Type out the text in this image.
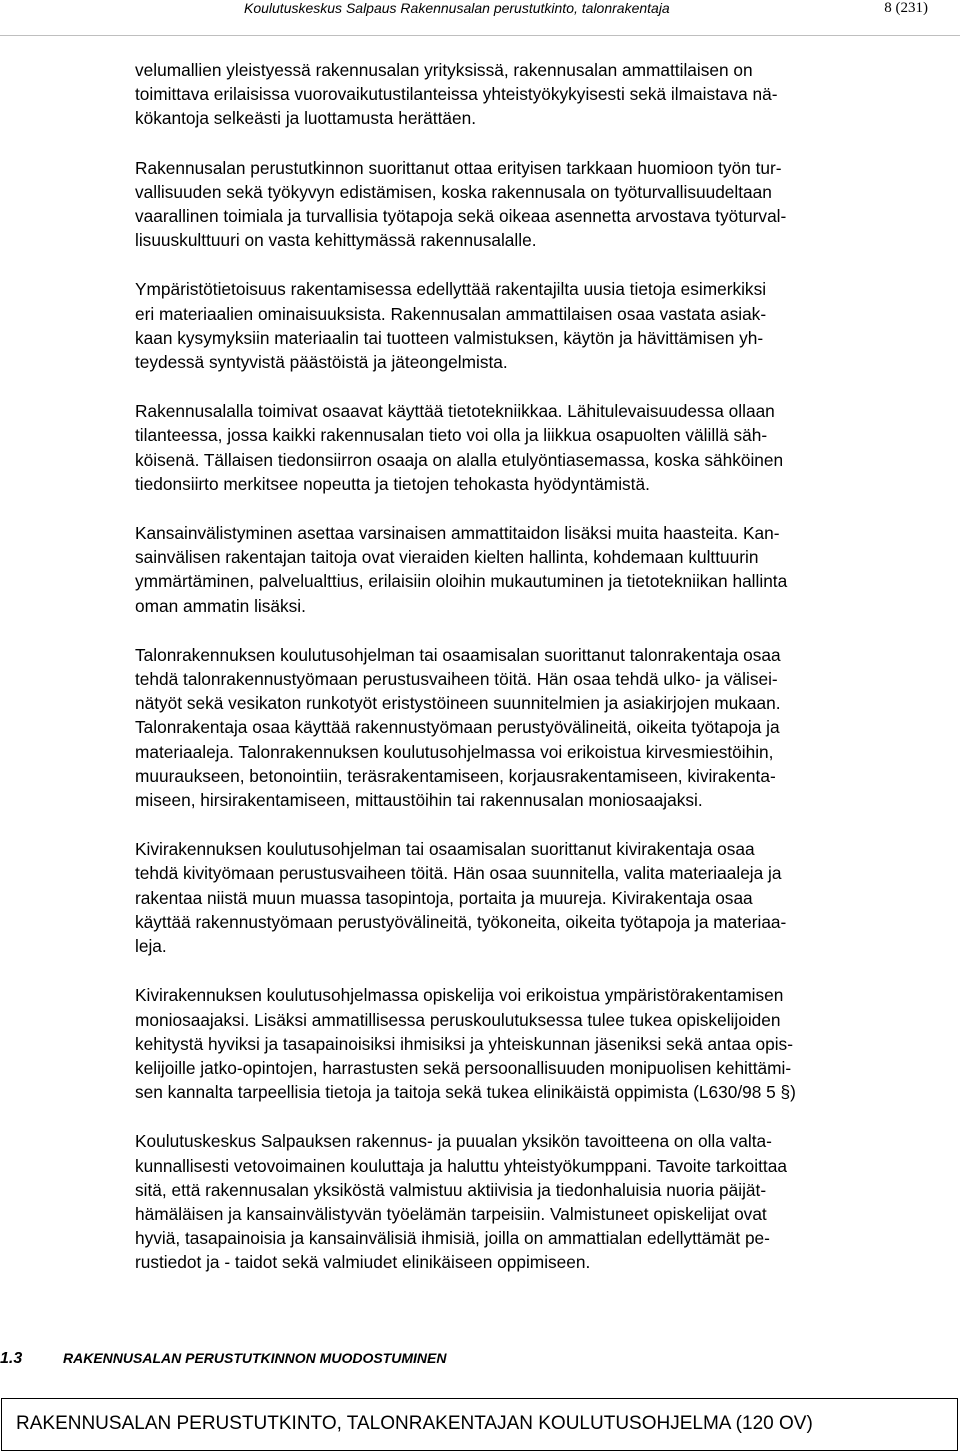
Koulutuskeskus Salpaus Rakennusalan perustutkinto, talonrakentaja	8 (231)

velumallien yleistyessä rakennusalan yrityksissä, rakennusalan ammattilaisen on
toimittava erilaisissa vuorovaikutustilanteissa yhteistyökykyisesti sekä ilmaistava nä-
kökantoja selkeästi ja luottamusta herättäen.

Rakennusalan perustutkinnon suorittanut ottaa erityisen tarkkaan huomioon työn tur-
vallisuuden sekä työkyvyn edistämisen, koska rakennusala on työturvallisuudeltaan
vaarallinen toimiala ja turvallisia työtapoja sekä oikeaa asennetta arvostava työturval-
lisuuskulttuuri on vasta kehittymässä rakennusalalle.

Ympäristötietoisuus rakentamisessa edellyttää rakentajilta uusia tietoja esimerkiksi
eri materiaalien ominaisuuksista. Rakennusalan ammattilaisen osaa vastata asiak-
kaan kysymyksiin materiaalin tai tuotteen valmistuksen, käytön ja hävittämisen yh-
teydessä syntyvistä päästöistä ja jäteongelmista.

Rakennusalalla toimivat osaavat käyttää tietotekniikkaa. Lähitulevaisuudessa ollaan
tilanteessa, jossa kaikki rakennusalan tieto voi olla ja liikkua osapuolten välillä säh-
köisenä. Tällaisen tiedonsiirron osaaja on alalla etulyöntiasemassa, koska sähköinen
tiedonsiirto merkitsee nopeutta ja tietojen tehokasta hyödyntämistä.

Kansainvälistyminen asettaa varsinaisen ammattitaidon lisäksi muita haasteita. Kan-
sainvälisen rakentajan taitoja ovat vieraiden kielten hallinta, kohdemaan kulttuurin
ymmärtäminen, palvelualttius, erilaisiin oloihin mukautuminen ja tietotekniikan hallinta
oman ammatin lisäksi.

Talonrakennuksen koulutusohjelman tai osaamisalan suorittanut talonrakentaja osaa
tehdä talonrakennustyömaan perustusvaiheen töitä. Hän osaa tehdä ulko- ja välisei-
nätyöt sekä vesikaton runkotyöt eristystöineen suunnitelmien ja asiakirjojen mukaan.
Talonrakentaja osaa käyttää rakennustyömaan perustyövälineitä, oikeita työtapoja ja
materiaaleja. Talonrakennuksen koulutusohjelmassa voi erikoistua kirvesmiestöihin,
muuraukseen, betonointiin, teräsrakentamiseen, korjausrakentamiseen, kivirakenta-
miseen, hirsirakentamiseen, mittaustöihin tai rakennusalan moniosaajaksi.

Kivirakennuksen koulutusohjelman tai osaamisalan suorittanut kivirakentaja osaa
tehdä kivityömaan perustusvaiheen töitä. Hän osaa suunnitella, valita materiaaleja ja
rakentaa niistä muun muassa tasopintoja, portaita ja muureja. Kivirakentaja osaa
käyttää rakennustyömaan perustyövälineitä, työkoneita, oikeita työtapoja ja materiaa-
leja.

Kivirakennuksen koulutusohjelmassa opiskelija voi erikoistua ympäristörakentamisen
moniosaajaksi. Lisäksi ammatillisessa peruskoulutuksessa tulee tukea opiskelijoiden
kehitystä hyviksi ja tasapainoisiksi ihmisiksi ja yhteiskunnan jäseniksi sekä antaa opis-
kelijoille jatko-opintojen, harrastusten sekä persoonallisuuden monipuolisen kehittämi-
sen kannalta tarpeellisia tietoja ja taitoja sekä tukea elinikäistä oppimista (L630/98 5 §)

Koulutuskeskus Salpauksen rakennus- ja puualan yksikön tavoitteena on olla valta-
kunnallisesti vetovoimainen kouluttaja ja haluttu yhteistyökumppani. Tavoite tarkoittaa
sitä, että rakennusalan yksiköstä valmistuu aktiivisia ja tiedonhaluisia nuoria päijät-
hämäläisen ja kansainvälistyvän työelämän tarpeisiin. Valmistuneet opiskelijat ovat
hyviä, tasapainoisia ja kansainvälisiä ihmisiä, joilla on ammattialan edellyttämät pe-
rustiedot ja - taidot sekä valmiudet elinikäiseen oppimiseen.

1.3	RAKENNUSALAN PERUSTUTKINNON MUODOSTUMINEN
RAKENNUSALAN PERUSTUTKINTO, TALONRAKENTAJAN KOULUTUSOHJELMA (120 OV)
